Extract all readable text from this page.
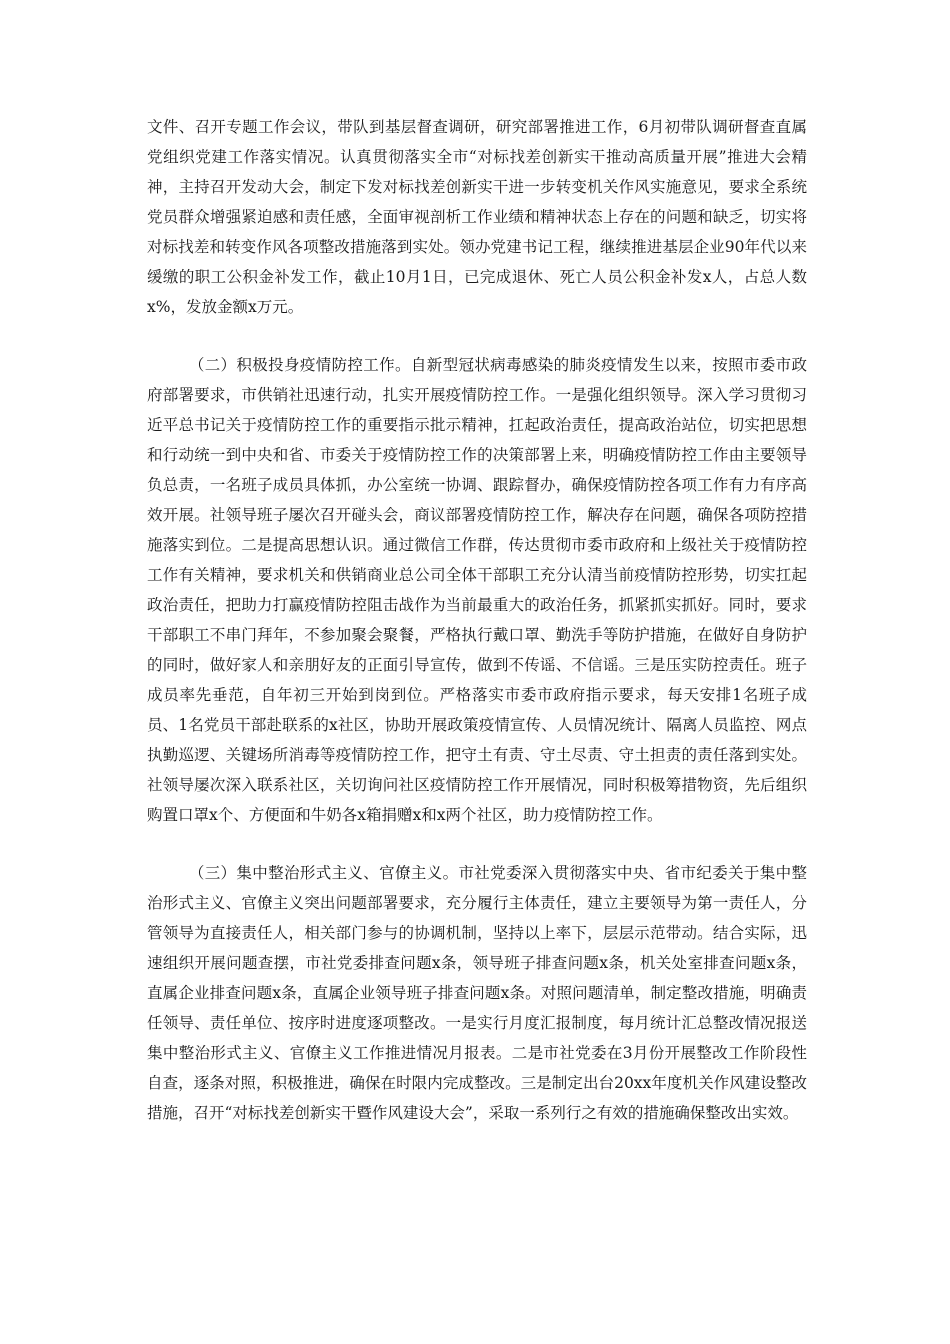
文件、召开专题工作会议，带队到基层督查调研，研究部署推进工作，6月初带队调研督查直属党组织党建工作落实情况。认真贯彻落实全市“对标找差创新实干推动高质量开展”推进大会精神，主持召开发动大会，制定下发对标找差创新实干进一步转变机关作风实施意见，要求全系统党员群众增强紧迫感和责任感，全面审视剖析工作业绩和精神状态上存在的问题和缺乏，切实将对标找差和转变作风各项整改措施落到实处。领办党建书记工程，继续推进基层企业90年代以来缓缴的职工公积金补发工作，截止10月1日，已完成退休、死亡人员公积金补发x人，占总人数x%，发放金额x万元。

（二）积极投身疫情防控工作。自新型冠状病毒感染的肺炎疫情发生以来，按照市委市政府部署要求，市供销社迅速行动，扎实开展疫情防控工作。一是强化组织领导。深入学习贯彻习近平总书记关于疫情防控工作的重要指示批示精神，扛起政治责任，提高政治站位，切实把思想和行动统一到中央和省、市委关于疫情防控工作的决策部署上来，明确疫情防控工作由主要领导负总责，一名班子成员具体抓，办公室统一协调、跟踪督办，确保疫情防控各项工作有力有序高效开展。社领导班子屡次召开碰头会，商议部署疫情防控工作，解决存在问题，确保各项防控措施落实到位。二是提高思想认识。通过微信工作群，传达贯彻市委市政府和上级社关于疫情防控工作有关精神，要求机关和供销商业总公司全体干部职工充分认清当前疫情防控形势，切实扛起政治责任，把助力打赢疫情防控阻击战作为当前最重大的政治任务，抓紧抓实抓好。同时，要求干部职工不串门拜年，不参加聚会聚餐，严格执行戴口罩、勤洗手等防护措施，在做好自身防护的同时，做好家人和亲朋好友的正面引导宣传，做到不传谣、不信谣。三是压实防控责任。班子成员率先垂范，自年初三开始到岗到位。严格落实市委市政府指示要求，每天安排1名班子成员、1名党员干部赴联系的x社区，协助开展政策疫情宣传、人员情况统计、隔离人员监控、网点执勤巡逻、关键场所消毒等疫情防控工作，把守土有责、守土尽责、守土担责的责任落到实处。社领导屡次深入联系社区，关切询问社区疫情防控工作开展情况，同时积极筹措物资，先后组织购置口罩x个、方便面和牛奶各x箱捐赠x和x两个社区，助力疫情防控工作。

（三）集中整治形式主义、官僚主义。市社党委深入贯彻落实中央、省市纪委关于集中整治形式主义、官僚主义突出问题部署要求，充分履行主体责任，建立主要领导为第一责任人，分管领导为直接责任人，相关部门参与的协调机制，坚持以上率下，层层示范带动。结合实际，迅速组织开展问题查摆，市社党委排查问题x条，领导班子排查问题x条，机关处室排查问题x条，直属企业排查问题x条，直属企业领导班子排查问题x条。对照问题清单，制定整改措施，明确责任领导、责任单位、按序时进度逐项整改。一是实行月度汇报制度，每月统计汇总整改情况报送集中整治形式主义、官僚主义工作推进情况月报表。二是市社党委在3月份开展整改工作阶段性自查，逐条对照，积极推进，确保在时限内完成整改。三是制定出台20xx年度机关作风建设整改措施，召开“对标找差创新实干暨作风建设大会”，采取一系列行之有效的措施确保整改出实效。
